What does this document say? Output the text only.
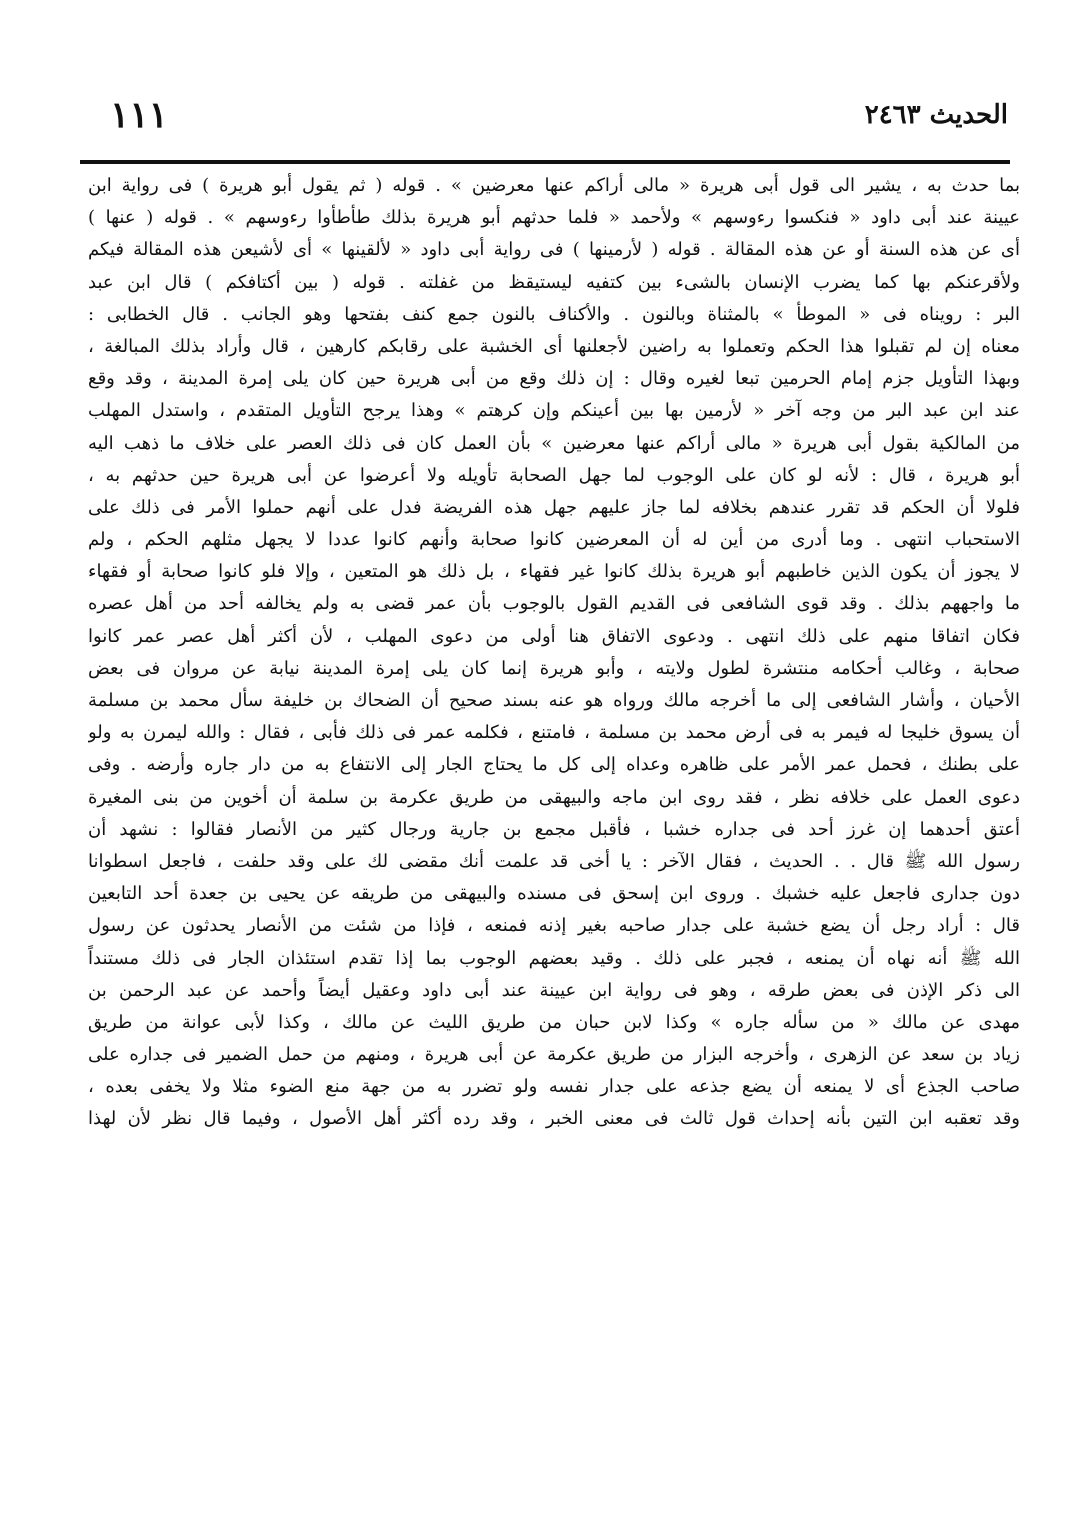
الحديث ٢٤٦٣
١١١
بما حدث به ، يشير الى قول أبى هريرة « مالى أراكم عنها معرضين » . قوله ( ثم يقول أبو هريرة ) فى رواية ابن
عيينة عند أبى داود « فنكسوا رءوسهم » ولأحمد « فلما حدثهم أبو هريرة بذلك طأطأوا رءوسهم » . قوله ( عنها )
أى عن هذه السنة أو عن هذه المقالة . قوله ( لأرمينها ) فى رواية أبى داود « لألقينها » أى لأشيعن هذه المقالة فيكم
ولأقرعنكم بها كما يضرب الإنسان بالشىء بين كتفيه ليستيقظ من غفلته . قوله ( بين أكتافكم ) قال ابن عبد
البر : رويناه فى « الموطأ » بالمثناة وبالنون . والأكناف بالنون جمع كنف بفتحها وهو الجانب . قال الخطابى :
معناه إن لم تقبلوا هذا الحكم وتعملوا به راضين لأجعلنها أى الخشبة على رقابكم كارهين ، قال وأراد بذلك المبالغة ،
وبهذا التأويل جزم إمام الحرمين تبعا لغيره وقال : إن ذلك وقع من أبى هريرة حين كان يلى إمرة المدينة ، وقد وقع
عند ابن عبد البر من وجه آخر « لأرمين بها بين أعينكم وإن كرهتم » وهذا يرجح التأويل المتقدم ، واستدل المهلب
من المالكية بقول أبى هريرة « مالى أراكم عنها معرضين » بأن العمل كان فى ذلك العصر على خلاف ما ذهب اليه
أبو هريرة ، قال : لأنه لو كان على الوجوب لما جهل الصحابة تأويله ولا أعرضوا عن أبى هريرة حين حدثهم به ،
فلولا أن الحكم قد تقرر عندهم بخلافه لما جاز عليهم جهل هذه الفريضة فدل على أنهم حملوا الأمر فى ذلك على
الاستحباب انتهى . وما أدرى من أين له أن المعرضين كانوا صحابة وأنهم كانوا عددا لا يجهل مثلهم الحكم ، ولم
لا يجوز أن يكون الذين خاطبهم أبو هريرة بذلك كانوا غير فقهاء ، بل ذلك هو المتعين ، وإلا فلو كانوا صحابة أو فقهاء
ما واجههم بذلك . وقد قوى الشافعى فى القديم القول بالوجوب بأن عمر قضى به ولم يخالفه أحد من أهل عصره
فكان اتفاقا منهم على ذلك انتهى . ودعوى الاتفاق هنا أولى من دعوى المهلب ، لأن أكثر أهل عصر عمر كانوا
صحابة ، وغالب أحكامه منتشرة لطول ولايته ، وأبو هريرة إنما كان يلى إمرة المدينة نيابة عن مروان فى بعض
الأحيان ، وأشار الشافعى إلى ما أخرجه مالك ورواه هو عنه بسند صحيح أن الضحاك بن خليفة سأل محمد بن مسلمة
أن يسوق خليجا له فيمر به فى أرض محمد بن مسلمة ، فامتنع ، فكلمه عمر فى ذلك فأبى ، فقال : والله ليمرن به ولو
على بطنك ، فحمل عمر الأمر على ظاهره وعداه إلى كل ما يحتاج الجار إلى الانتفاع به من دار جاره وأرضه . وفى
دعوى العمل على خلافه نظر ، فقد روى ابن ماجه والبيهقى من طريق عكرمة بن سلمة أن أخوين من بنى المغيرة
أعتق أحدهما إن غرز أحد فى جداره خشبا ، فأقبل مجمع بن جارية ورجال كثير من الأنصار فقالوا : نشهد أن
رسول الله ﷺ قال . . الحديث ، فقال الآخر : يا أخى قد علمت أنك مقضى لك على وقد حلفت ، فاجعل اسطوانا
دون جدارى فاجعل عليه خشبك . وروى ابن إسحق فى مسنده والبيهقى من طريقه عن يحيى بن جعدة أحد التابعين
قال : أراد رجل أن يضع خشبة على جدار صاحبه بغير إذنه فمنعه ، فإذا من شئت من الأنصار يحدثون عن رسول
الله ﷺ أنه نهاه أن يمنعه ، فجبر على ذلك . وقيد بعضهم الوجوب بما إذا تقدم استئذان الجار فى ذلك مستنداً
الى ذكر الإذن فى بعض طرقه ، وهو فى رواية ابن عيينة عند أبى داود وعقيل أيضاً وأحمد عن عبد الرحمن بن
مهدى عن مالك « من سأله جاره » وكذا لابن حبان من طريق الليث عن مالك ، وكذا لأبى عوانة من طريق
زياد بن سعد عن الزهرى ، وأخرجه البزار من طريق عكرمة عن أبى هريرة ، ومنهم من حمل الضمير فى جداره على
صاحب الجذع أى لا يمنعه أن يضع جذعه على جدار نفسه ولو تضرر به من جهة منع الضوء مثلا ولا يخفى بعده ،
وقد تعقبه ابن التين بأنه إحداث قول ثالث فى معنى الخبر ، وقد رده أكثر أهل الأصول ، وفيما قال نظر لأن لهذا
